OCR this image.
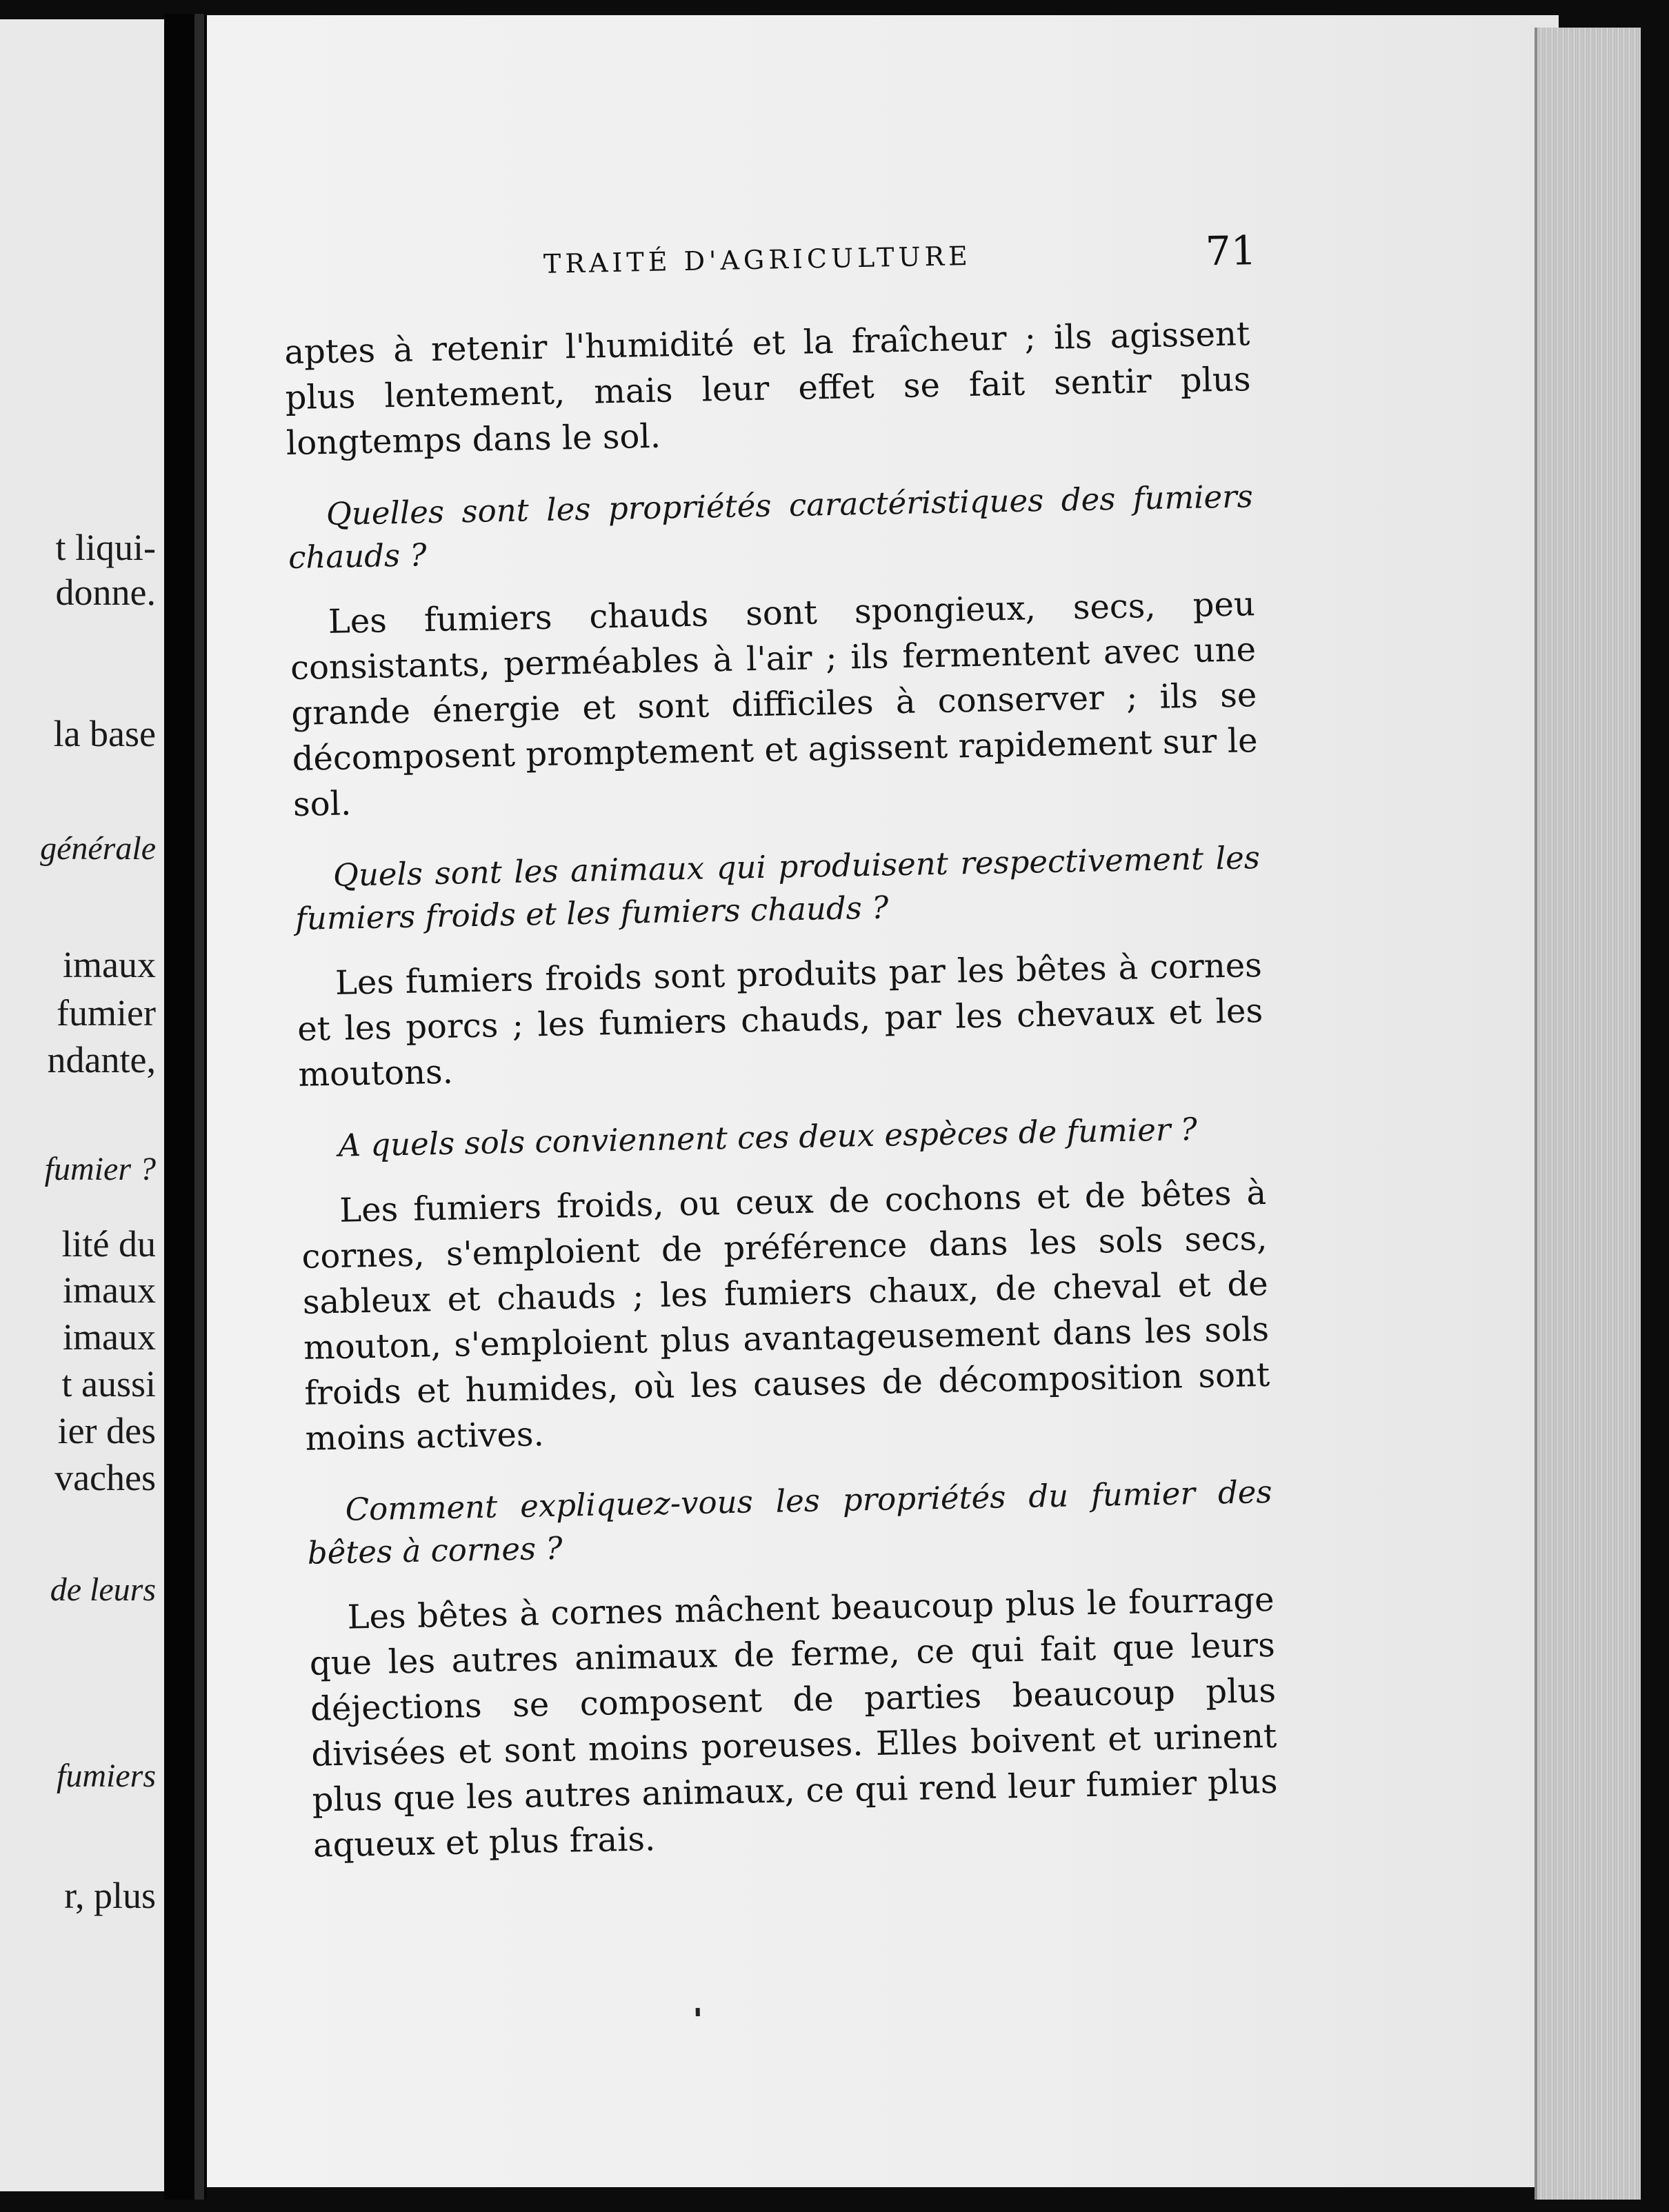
t liqui-
donne.
la base
générale
imaux
fumier
ndante,
fumier ?
lité du
imaux
imaux
t aussi
ier des
vaches
de leurs
fumiers
r, plus
TRAITÉ D'AGRICULTURE	71

aptes à retenir l'humidité et la fraîcheur ; ils agissent plus lentement, mais leur effet se fait sentir plus longtemps dans le sol.

Quelles sont les propriétés caractéristiques des fumiers chauds ?

Les fumiers chauds sont spongieux, secs, peu consistants, perméables à l'air ; ils fermentent avec une grande énergie et sont difficiles à conserver ; ils se décomposent promptement et agissent rapidement sur le sol.

Quels sont les animaux qui produisent respectivement les fumiers froids et les fumiers chauds ?

Les fumiers froids sont produits par les bêtes à cornes et les porcs ; les fumiers chauds, par les chevaux et les moutons.

A quels sols conviennent ces deux espèces de fumier ?

Les fumiers froids, ou ceux de cochons et de bêtes à cornes, s'emploient de préférence dans les sols secs, sableux et chauds ; les fumiers chaux, de cheval et de mouton, s'emploient plus avantageusement dans les sols froids et humides, où les causes de décomposition sont moins actives.

Comment expliquez-vous les propriétés du fumier des bêtes à cornes ?

Les bêtes à cornes mâchent beaucoup plus le fourrage que les autres animaux de ferme, ce qui fait que leurs déjections se composent de parties beaucoup plus divisées et sont moins poreuses. Elles boivent et urinent plus que les autres animaux, ce qui rend leur fumier plus aqueux et plus frais.
